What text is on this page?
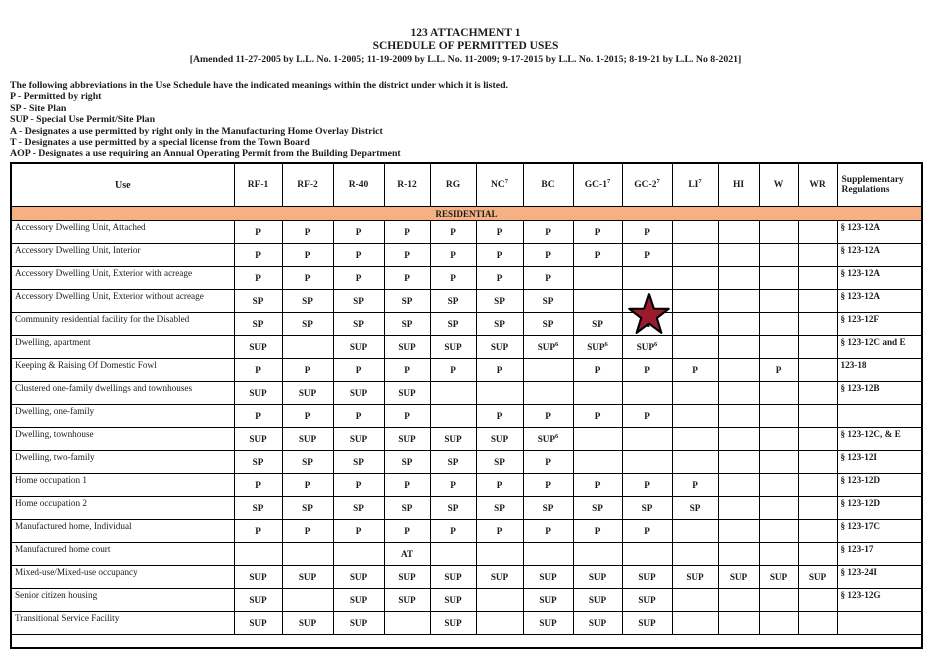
123 ATTACHMENT 1
SCHEDULE OF PERMITTED USES
[Amended 11-27-2005 by L.L. No. 1-2005; 11-19-2009 by L.L. No. 11-2009; 9-17-2015 by L.L. No. 1-2015; 8-19-21 by L.L. No 8-2021]
The following abbreviations in the Use Schedule have the indicated meanings within the district under which it is listed.
P - Permitted by right
SP - Site Plan
SUP - Special Use Permit/Site Plan
A - Designates a use permitted by right only in the Manufacturing Home Overlay District
T - Designates a use permitted by a special license from the Town Board
AOP - Designates a use requiring an Annual Operating Permit from the Building Department
Use	RF-1	RF-2	R-40	R-12	RG	$NC^7$	BC	$GC-1^7$	$GC-2^7$	$LI^7$	HI	W	WR	Supplementary Regulations
RESIDENTIAL														
Accessory Dwelling Unit, Attached	P	P	P	P	P	P	P	P	P					§ 123-12A
Accessory Dwelling Unit, Interior	P	P	P	P	P	P	P	P	P					§ 123-12A
Accessory Dwelling Unit, Exterior with acreage	P	P	P	P	P	P	P							§ 123-12A
Accessory Dwelling Unit, Exterior without acreage	SP	SP	SP	SP	SP	SP	SP							§ 123-12A
Community residential facility for the Disabled	SP	SP	SP	SP	SP	SP	SP	SP						§ 123-12F
Dwelling, apartment	SUP		SUP	SUP	SUP	SUP	SUP$^6$	SUP$^6$	SUP$^6$					§ 123-12C and E
Keeping & Raising Of Domestic Fowl	P	P	P	P	P	P		P	P	P		P		123-18
Clustered one-family dwellings and townhouses	SUP	SUP	SUP	SUP										§ 123-12B
Dwelling, one-family	P	P	P	P		P	P	P	P					
Dwelling, townhouse	SUP	SUP	SUP	SUP	SUP	SUP	SUP$^6$							§ 123-12C, & E
Dwelling, two-family	SP	SP	SP	SP	SP	SP	P							§ 123-12I
Home occupation 1	P	P	P	P	P	P	P	P	P	P				§ 123-12D
Home occupation 2	SP	SP	SP	SP	SP	SP	SP	SP	SP	SP				§ 123-12D
Manufactured home, Individual	P	P	P	P	P	P	P	P	P					§ 123-17C
Manufactured home court				AT										§ 123-17
Mixed-use/Mixed-use occupancy	SUP	SUP	SUP	SUP	SUP	SUP	SUP	SUP	SUP	SUP	SUP	SUP	SUP	§ 123-24I
Senior citizen housing	SUP		SUP	SUP	SUP		SUP	SUP	SUP					§ 123-12G
Transitional Service Facility	SUP	SUP	SUP		SUP		SUP	SUP	SUP					
